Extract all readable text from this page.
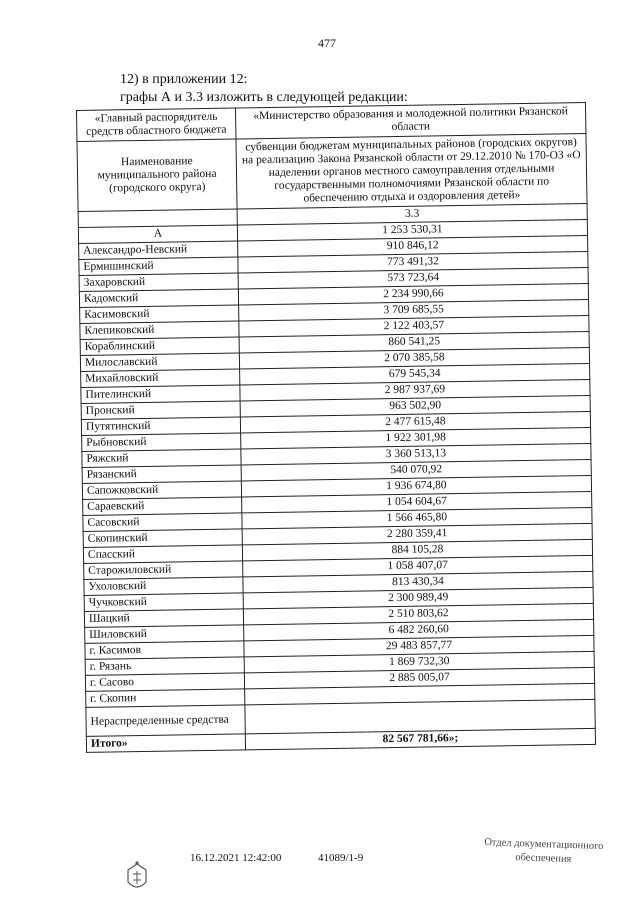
477
12) в приложении 12:
графы А и 3.3 изложить в следующей редакции:
«Главный распорядитель средств областного бюджета	«Министерство образования и молодежной политики Рязанской области
Наименование муниципального района (городского округа)	субвенции бюджетам муниципальных районов (городских округов) на реализацию Закона Рязанской области от 29.12.2010 № 170-ОЗ «О наделении органов местного самоуправления отдельными государственными полномочиями Рязанской области по обеспечению отдыха и оздоровления детей»
	3.3
А	1 253 530,31
Александро-Невский	910 846,12
Ермишинский	773 491,32
Захаровский	573 723,64
Кадомский	2 234 990,66
Касимовский	3 709 685,55
Клепиковский	2 122 403,57
Кораблинский	860 541,25
Милославский	2 070 385,58
Михайловский	679 545,34
Пителинский	2 987 937,69
Пронский	963 502,90
Путятинский	2 477 615,48
Рыбновский	1 922 301,98
Ряжский	3 360 513,13
Рязанский	540 070,92
Сапожковский	1 936 674,80
Сараевский	1 054 604,67
Сасовский	1 566 465,80
Скопинский	2 280 359,41
Спасский	884 105,28
Старожиловский	1 058 407,07
Ухоловский	813 430,34
Чучковский	2 300 989,49
Шацкий	2 510 803,62
Шиловский	6 482 260,60
г. Касимов	29 483 857,77
г. Рязань	1 869 732,30
г. Сасово	2 885 005,07
г. Скопин	
Нераспределенные средства	
Итого»	82 567 781,66»;
16.12.2021 12:42:00	41089/1-9
Отдел документационного
обеспечения
